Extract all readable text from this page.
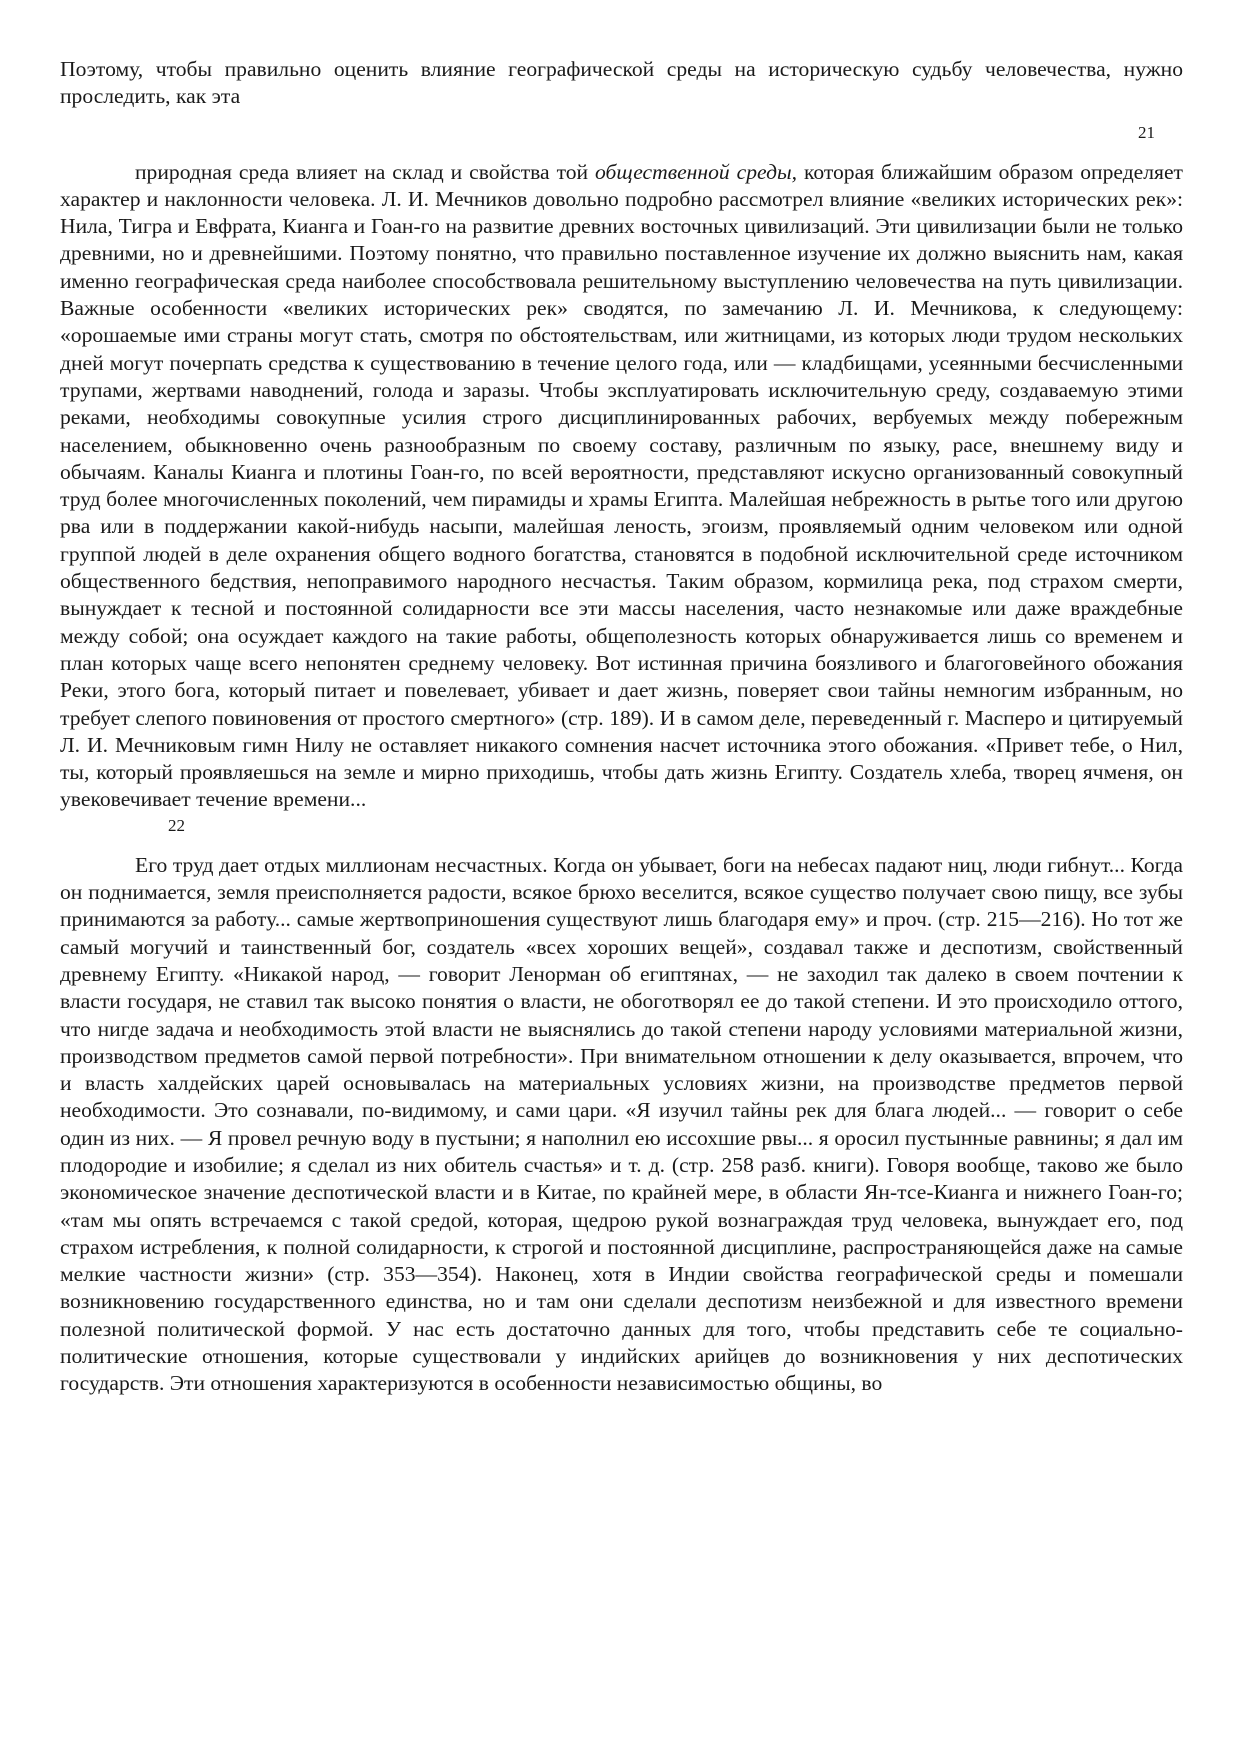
Поэтому, чтобы правильно оценить влияние географической среды на историческую судьбу человечества, нужно проследить, как эта

21

природная среда влияет на склад и свойства той общественной среды, которая ближайшим образом определяет характер и наклонности человека. Л. И. Мечников довольно подробно рассмотрел влияние «великих исторических рек»: Нила, Тигра и Евфрата, Кианга и Гоан-го на развитие древних восточных цивилизаций. Эти цивилизации были не только древними, но и древнейшими. Поэтому понятно, что правильно поставленное изучение их должно выяснить нам, какая именно географическая среда наиболее способствовала решительному выступлению человечества на путь цивилизации. Важные особенности «великих исторических рек» сводятся, по замечанию Л. И. Мечникова, к следующему: «орошаемые ими страны могут стать, смотря по обстоятельствам, или житницами, из которых люди трудом нескольких дней могут почерпать средства к существованию в течение целого года, или — кладбищами, усеянными бесчисленными трупами, жертвами наводнений, голода и заразы. Чтобы эксплуатировать исключительную среду, создаваемую этими реками, необходимы совокупные усилия строго дисциплинированных рабочих, вербуемых между побережным населением, обыкновенно очень разнообразным по своему составу, различным по языку, расе, внешнему виду и обычаям. Каналы Кианга и плотины Гоан-го, по всей вероятности, представляют искусно организованный совокупный труд более многочисленных поколений, чем пирамиды и храмы Египта. Малейшая небрежность в рытье того или другою рва или в поддержании какой-нибудь насыпи, малейшая леность, эгоизм, проявляемый одним человеком или одной группой людей в деле охранения общего водного богатства, становятся в подобной исключительной среде источником общественного бедствия, непоправимого народного несчастья. Таким образом, кормилица река, под страхом смерти, вынуждает к тесной и постоянной солидарности все эти массы населения, часто незнакомые или даже враждебные между собой; она осуждает каждого на такие работы, общеполезность которых обнаруживается лишь со временем и план которых чаще всего непонятен среднему человеку. Вот истинная причина боязливого и благоговейного обожания Реки, этого бога, который питает и повелевает, убивает и дает жизнь, поверяет свои тайны немногим избранным, но требует слепого повиновения от простого смертного» (стр. 189). И в самом деле, переведенный г. Масперо и цитируемый Л. И. Мечниковым гимн Нилу не оставляет никакого сомнения насчет источника этого обожания. «Привет тебе, о Нил, ты, который проявляешься на земле и мирно приходишь, чтобы дать жизнь Египту. Создатель хлеба, творец ячменя, он увековечивает течение времени...

22

Его труд дает отдых миллионам несчастных. Когда он убывает, боги на небесах падают ниц, люди гибнут... Когда он поднимается, земля преисполняется радости, всякое брюхо веселится, всякое существо получает свою пищу, все зубы принимаются за работу... самые жертвоприношения существуют лишь благодаря ему» и проч. (стр. 215—216). Но тот же самый могучий и таинственный бог, создатель «всех хороших вещей», создавал также и деспотизм, свойственный древнему Египту. «Никакой народ, — говорит Ленорман об египтянах, — не заходил так далеко в своем почтении к власти государя, не ставил так высоко понятия о власти, не обоготворял ее до такой степени. И это происходило оттого, что нигде задача и необходимость этой власти не выяснялись до такой степени народу условиями материальной жизни, производством предметов самой первой потребности». При внимательном отношении к делу оказывается, впрочем, что и власть халдейских царей основывалась на материальных условиях жизни, на производстве предметов первой необходимости. Это сознавали, по-видимому, и сами цари. «Я изучил тайны рек для блага людей... — говорит о себе один из них. — Я провел речную воду в пустыни; я наполнил ею иссохшие рвы... я оросил пустынные равнины; я дал им плодородие и изобилие; я сделал из них обитель счастья» и т. д. (стр. 258 разб. книги). Говоря вообще, таково же было экономическое значение деспотической власти и в Китае, по крайней мере, в области Ян-тсе-Кианга и нижнего Гоан-го; «там мы опять встречаемся с такой средой, которая, щедрою рукой вознаграждая труд человека, вынуждает его, под страхом истребления, к полной солидарности, к строгой и постоянной дисциплине, распространяющейся даже на самые мелкие частности жизни» (стр. 353—354). Наконец, хотя в Индии свойства географической среды и помешали возникновению государственного единства, но и там они сделали деспотизм неизбежной и для известного времени полезной политической формой. У нас есть достаточно данных для того, чтобы представить себе те социально-политические отношения, которые существовали у индийских арийцев до возникновения у них деспотических государств. Эти отношения характеризуются в особенности независимостью общины, во
